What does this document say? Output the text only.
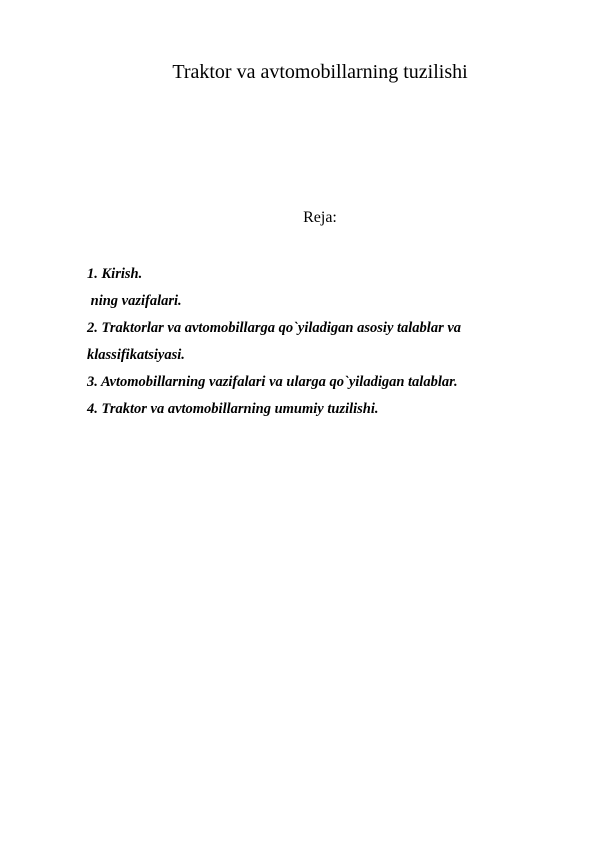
Traktor va avtomobillarning tuzilishi
Reja:
1. Kirish.
ning vazifalari.
2. Traktorlar va avtomobillarga qo`yiladigan asosiy talablar va
klassifikatsiyasi.
3. Avtomobillarning vazifalari va ularga qo`yiladigan talablar.
4. Traktor va avtomobillarning umumiy tuzilishi.
